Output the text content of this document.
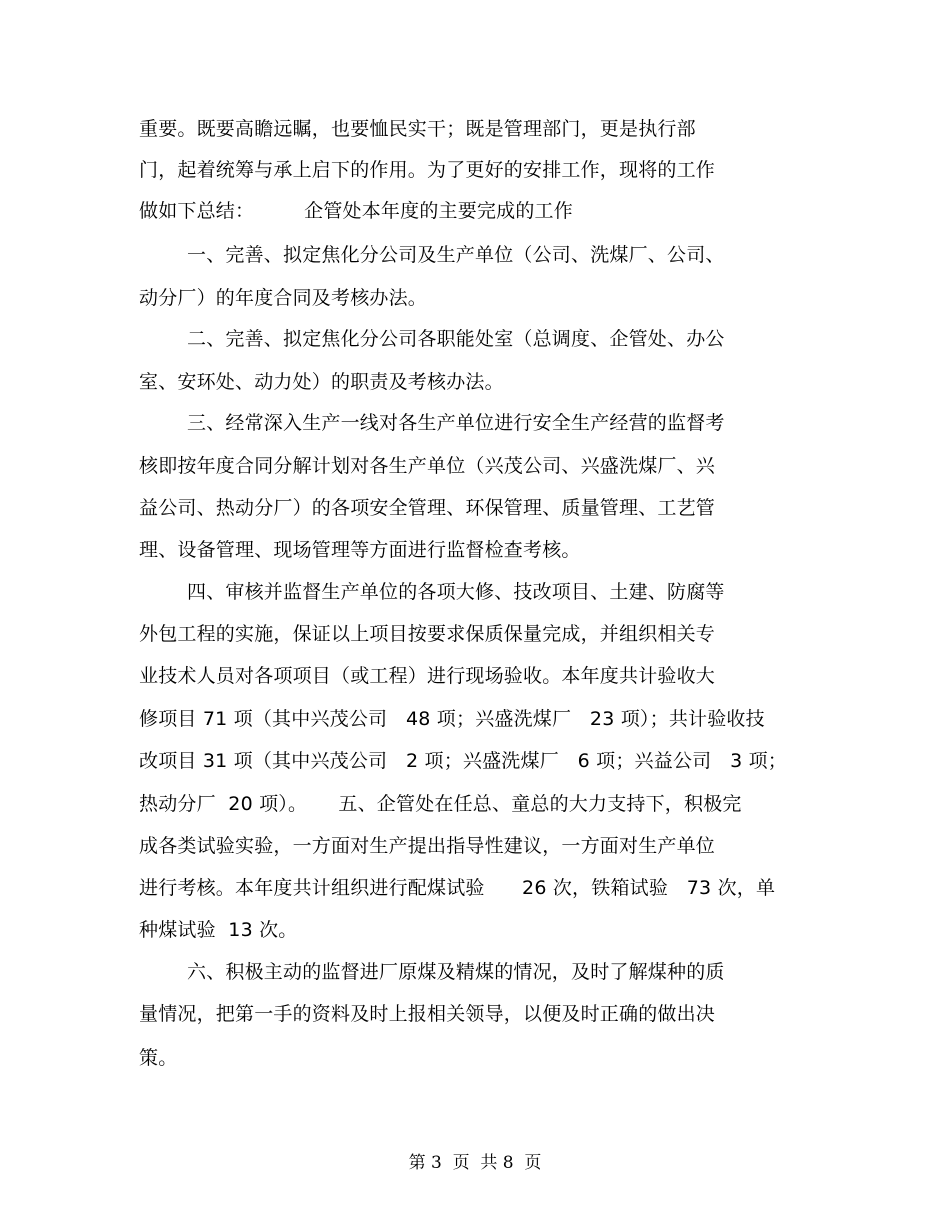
重要。既要高瞻远瞩，也要恤民实干；既是管理部门，更是执行部
门，起着统筹与承上启下的作用。为了更好的安排工作，现将的工作
做如下总结：        企管处本年度的主要完成的工作
一、完善、拟定焦化分公司及生产单位（公司、洗煤厂、公司、
动分厂）的年度合同及考核办法。
二、完善、拟定焦化分公司各职能处室（总调度、企管处、办公
室、安环处、动力处）的职责及考核办法。
三、经常深入生产一线对各生产单位进行安全生产经营的监督考
核即按年度合同分解计划对各生产单位（兴茂公司、兴盛洗煤厂、兴
益公司、热动分厂）的各项安全管理、环保管理、质量管理、工艺管
理、设备管理、现场管理等方面进行监督检查考核。
四、审核并监督生产单位的各项大修、技改项目、土建、防腐等
外包工程的实施，保证以上项目按要求保质保量完成，并组织相关专
业技术人员对各项项目（或工程）进行现场验收。本年度共计验收大
修项目 71 项（其中兴茂公司   48 项；兴盛洗煤厂   23 项）；共计验收技
改项目 31 项（其中兴茂公司   2 项；兴盛洗煤厂   6 项；兴益公司   3 项；
热动分厂  20 项）。     五、企管处在任总、童总的大力支持下，积极完
成各类试验实验，一方面对生产提出指导性建议，一方面对生产单位
进行考核。本年度共计组织进行配煤试验      26 次，铁箱试验   73 次，单
种煤试验  13 次。
六、积极主动的监督进厂原煤及精煤的情况，及时了解煤种的质
量情况，把第一手的资料及时上报相关领导，以便及时正确的做出决
策。
第 3  页  共 8  页
